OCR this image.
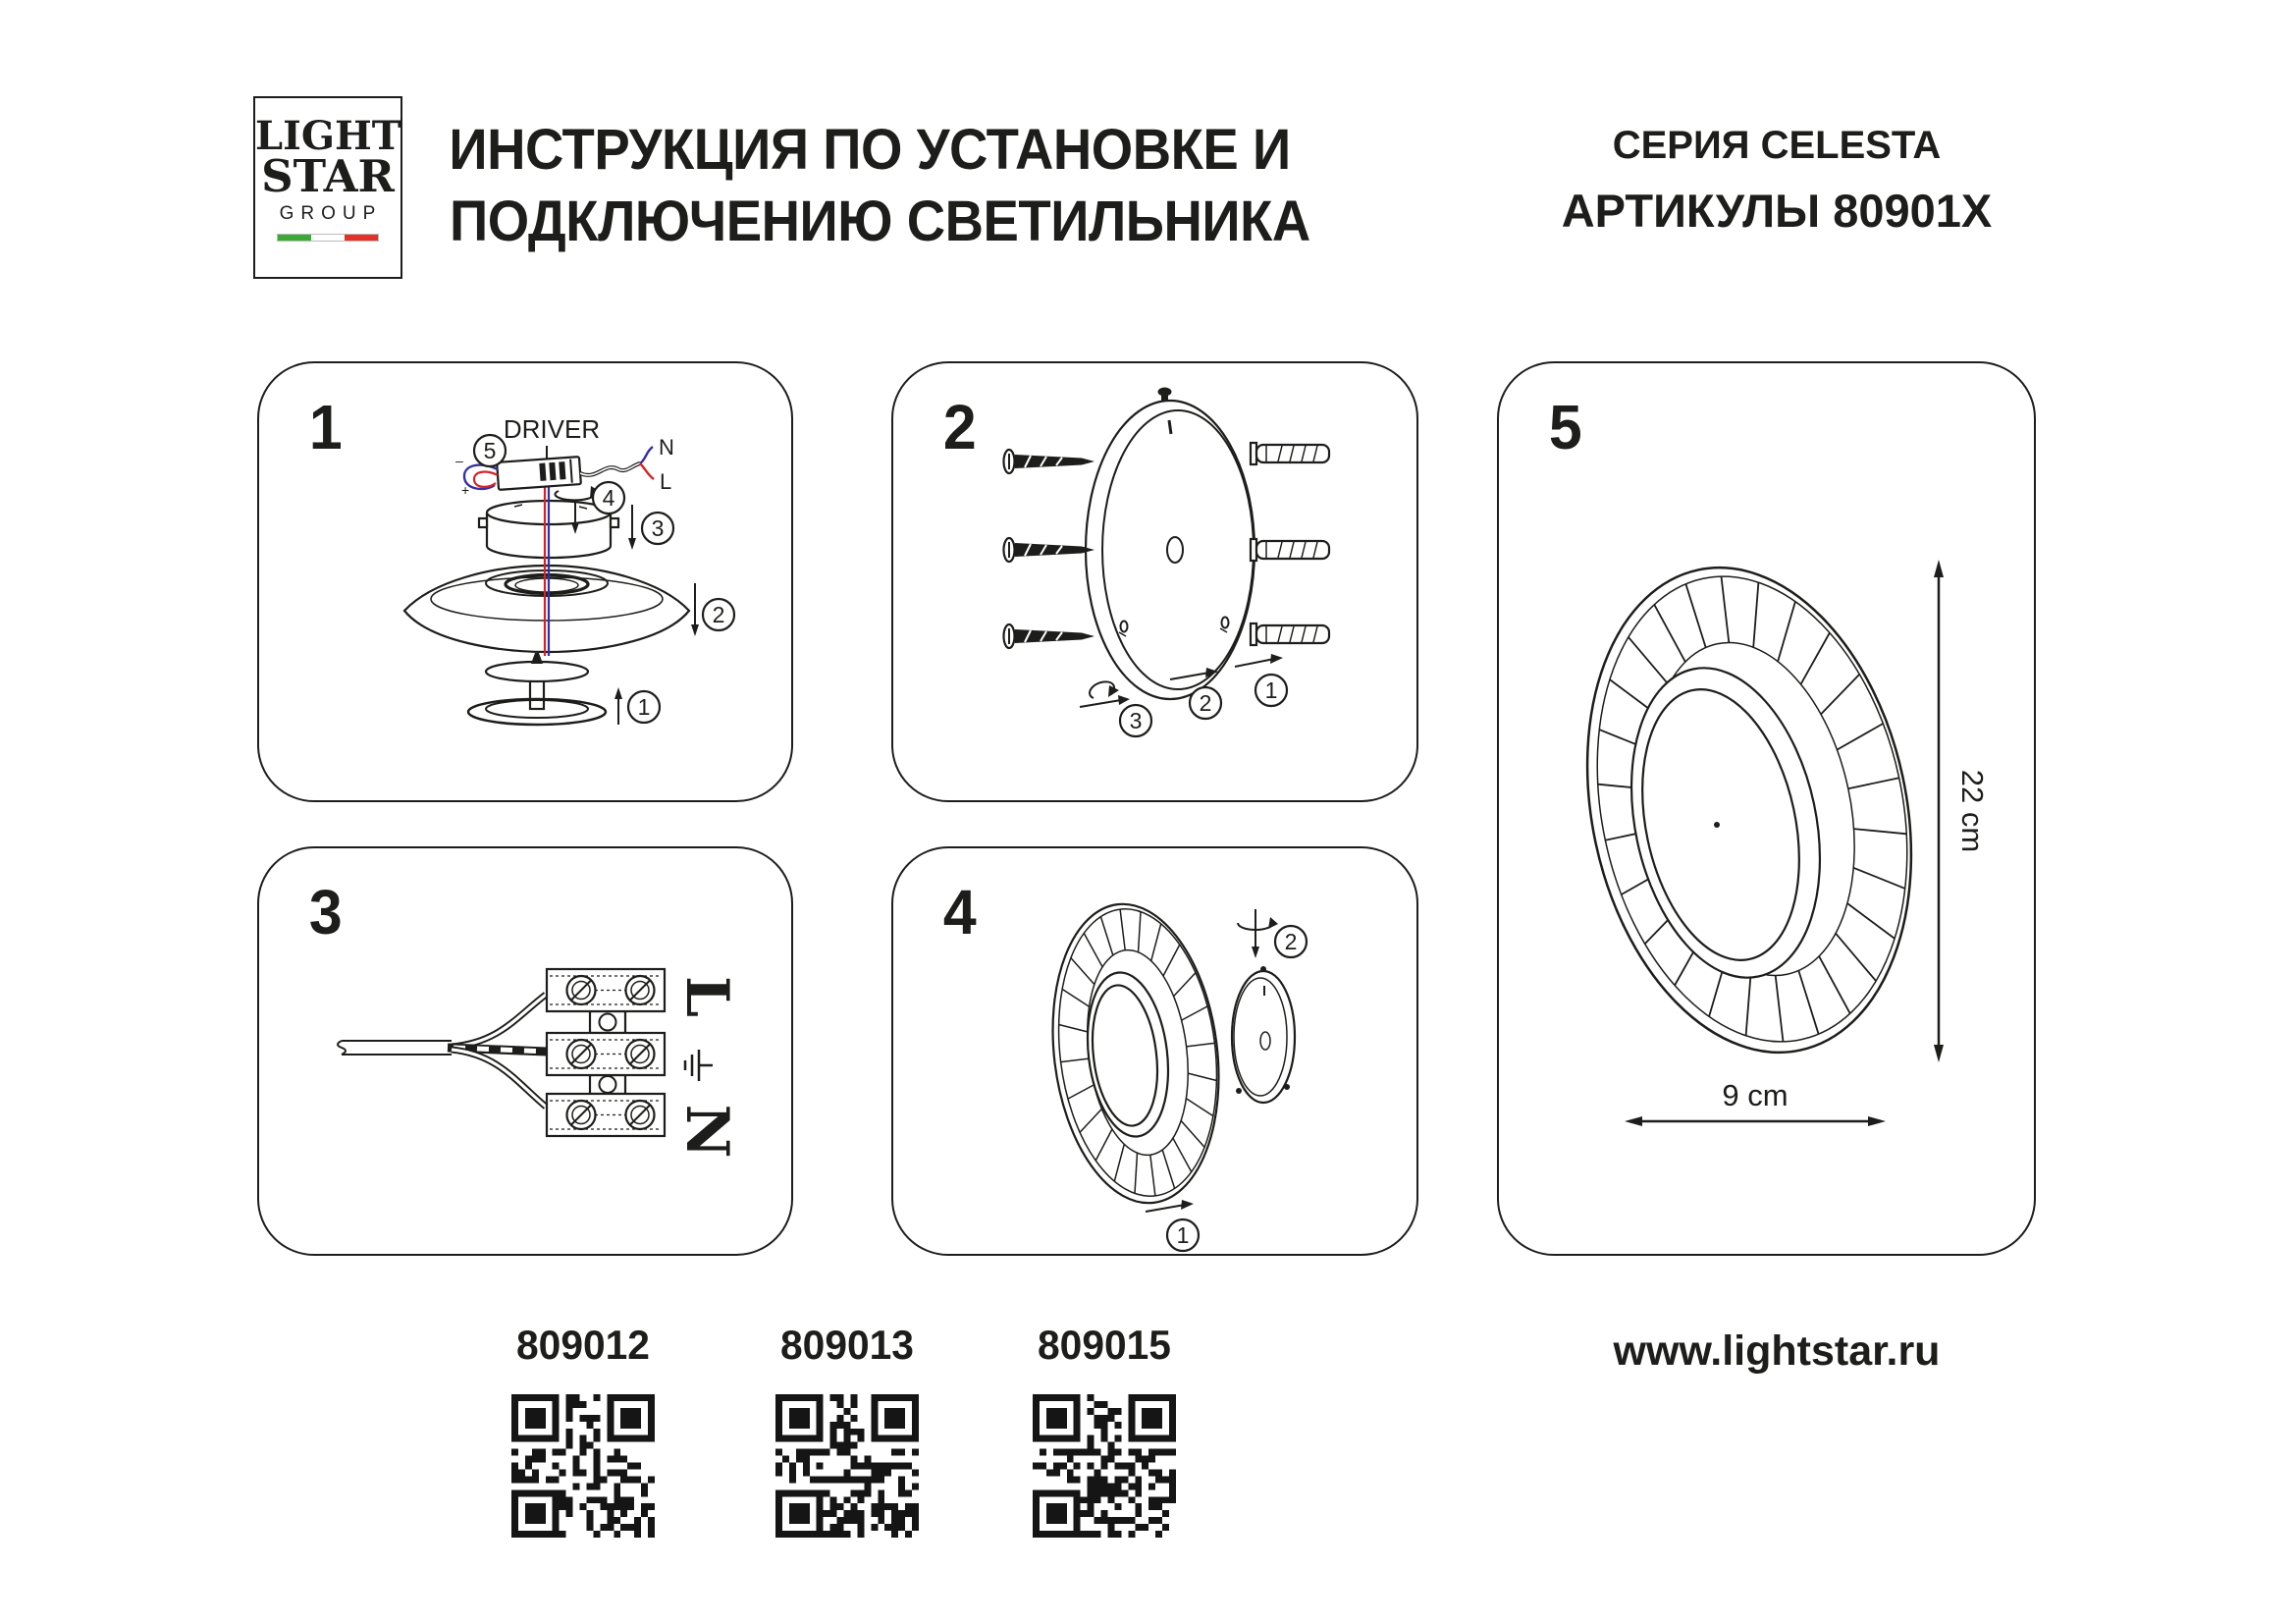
LIGHT
STAR
GROUP
ИНСТРУКЦИЯ ПО УСТАНОВКЕ И
ПОДКЛЮЧЕНИЮ СВЕТИЛЬНИКА
СЕРИЯ CELESTA
АРТИКУЛЫ 80901X
1	–
+
N
L
DRIVER
5
4
3
2
1
2
3
2 1
3
L
N
4	2
1
5
22 cm
9 cm
809012	809013	809015	www.lightstar.ru
